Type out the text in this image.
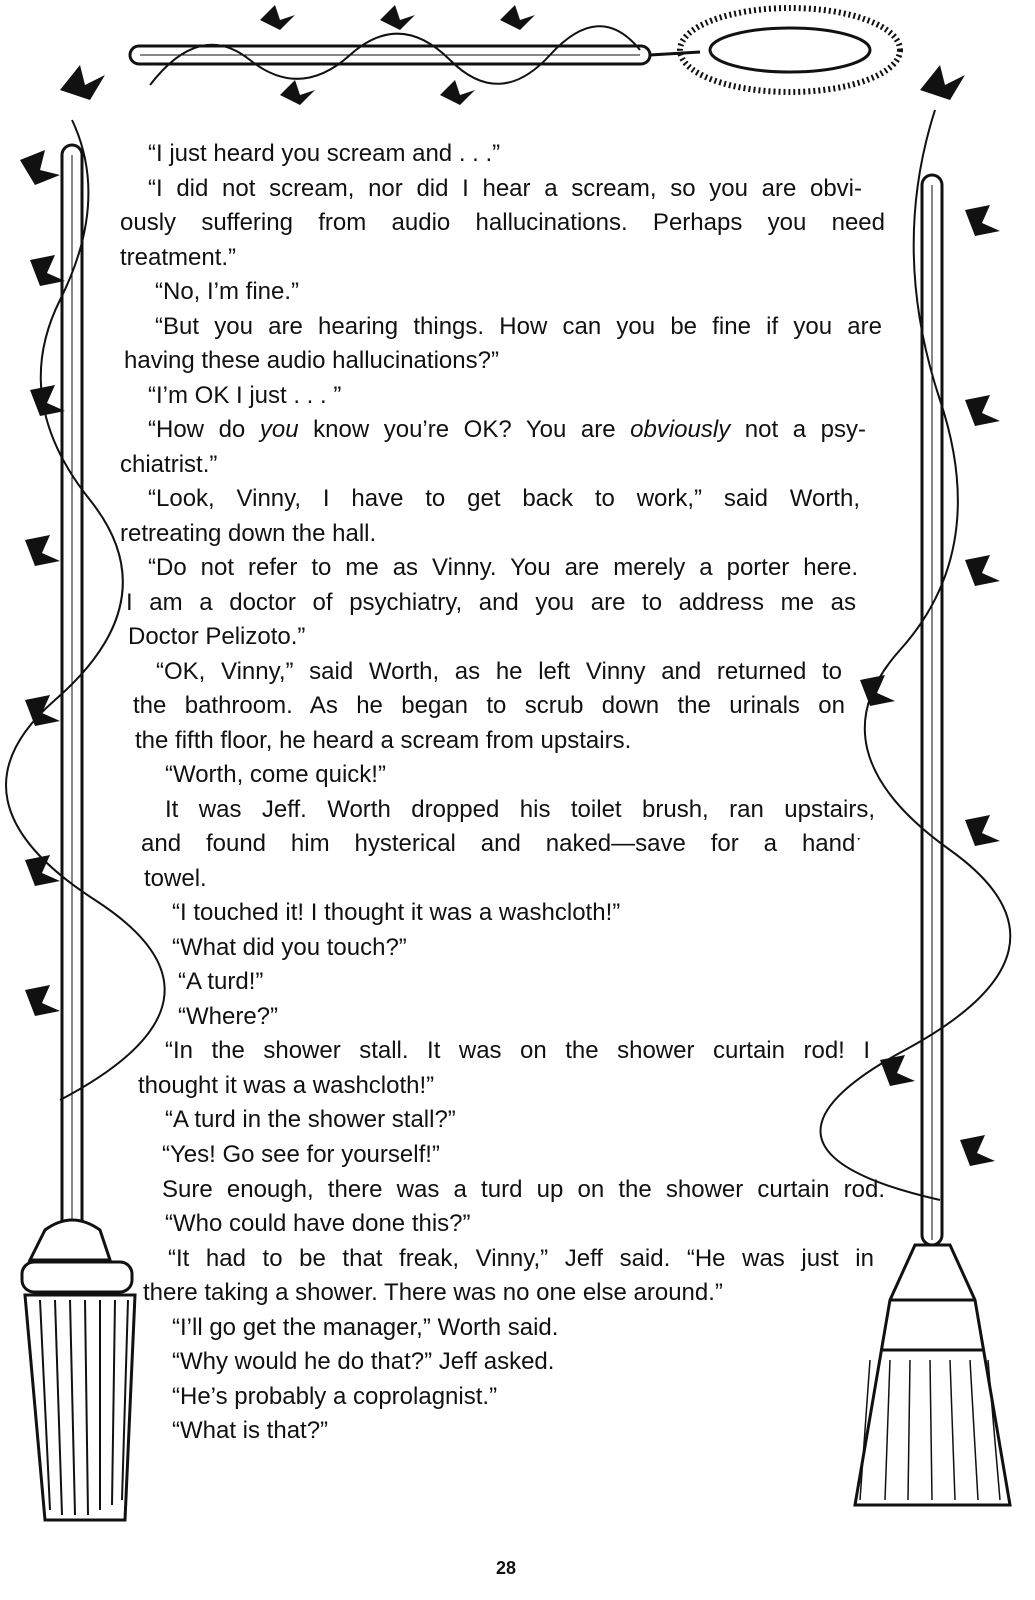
“I just heard you scream and . . .”
“I did not scream, nor did I hear a scream, so you are obvi-
ously suffering from audio hallucinations. Perhaps you need
treatment.”
“No, I’m fine.”
“But you are hearing things. How can you be fine if you are
having these audio hallucinations?”
“I’m OK I just . . . ”
“How do you know you’re OK? You are obviously not a psy-
chiatrist.”
“Look, Vinny, I have to get back to work,” said Worth,
retreating down the hall.
“Do not refer to me as Vinny. You are merely a porter here.
I am a doctor of psychiatry, and you are to address me as
Doctor Pelizoto.”
“OK, Vinny,” said Worth, as he left Vinny and returned to
the bathroom. As he began to scrub down the urinals on
the fifth floor, he heard a scream from upstairs.
“Worth, come quick!”
It was Jeff. Worth dropped his toilet brush, ran upstairs,
and found him hysterical and naked—save for a handˑ
towel.
“I touched it! I thought it was a washcloth!”
“What did you touch?”
“A turd!”
“Where?”
“In the shower stall. It was on the shower curtain rod! I
thought it was a washcloth!”
“A turd in the shower stall?”
“Yes! Go see for yourself!”
Sure enough, there was a turd up on the shower curtain rod.
“Who could have done this?”
“It had to be that freak, Vinny,” Jeff said. “He was just in
there taking a shower. There was no one else around.”
“I’ll go get the manager,” Worth said.
“Why would he do that?” Jeff asked.
“He’s probably a coprolagnist.”
“What is that?”
28
